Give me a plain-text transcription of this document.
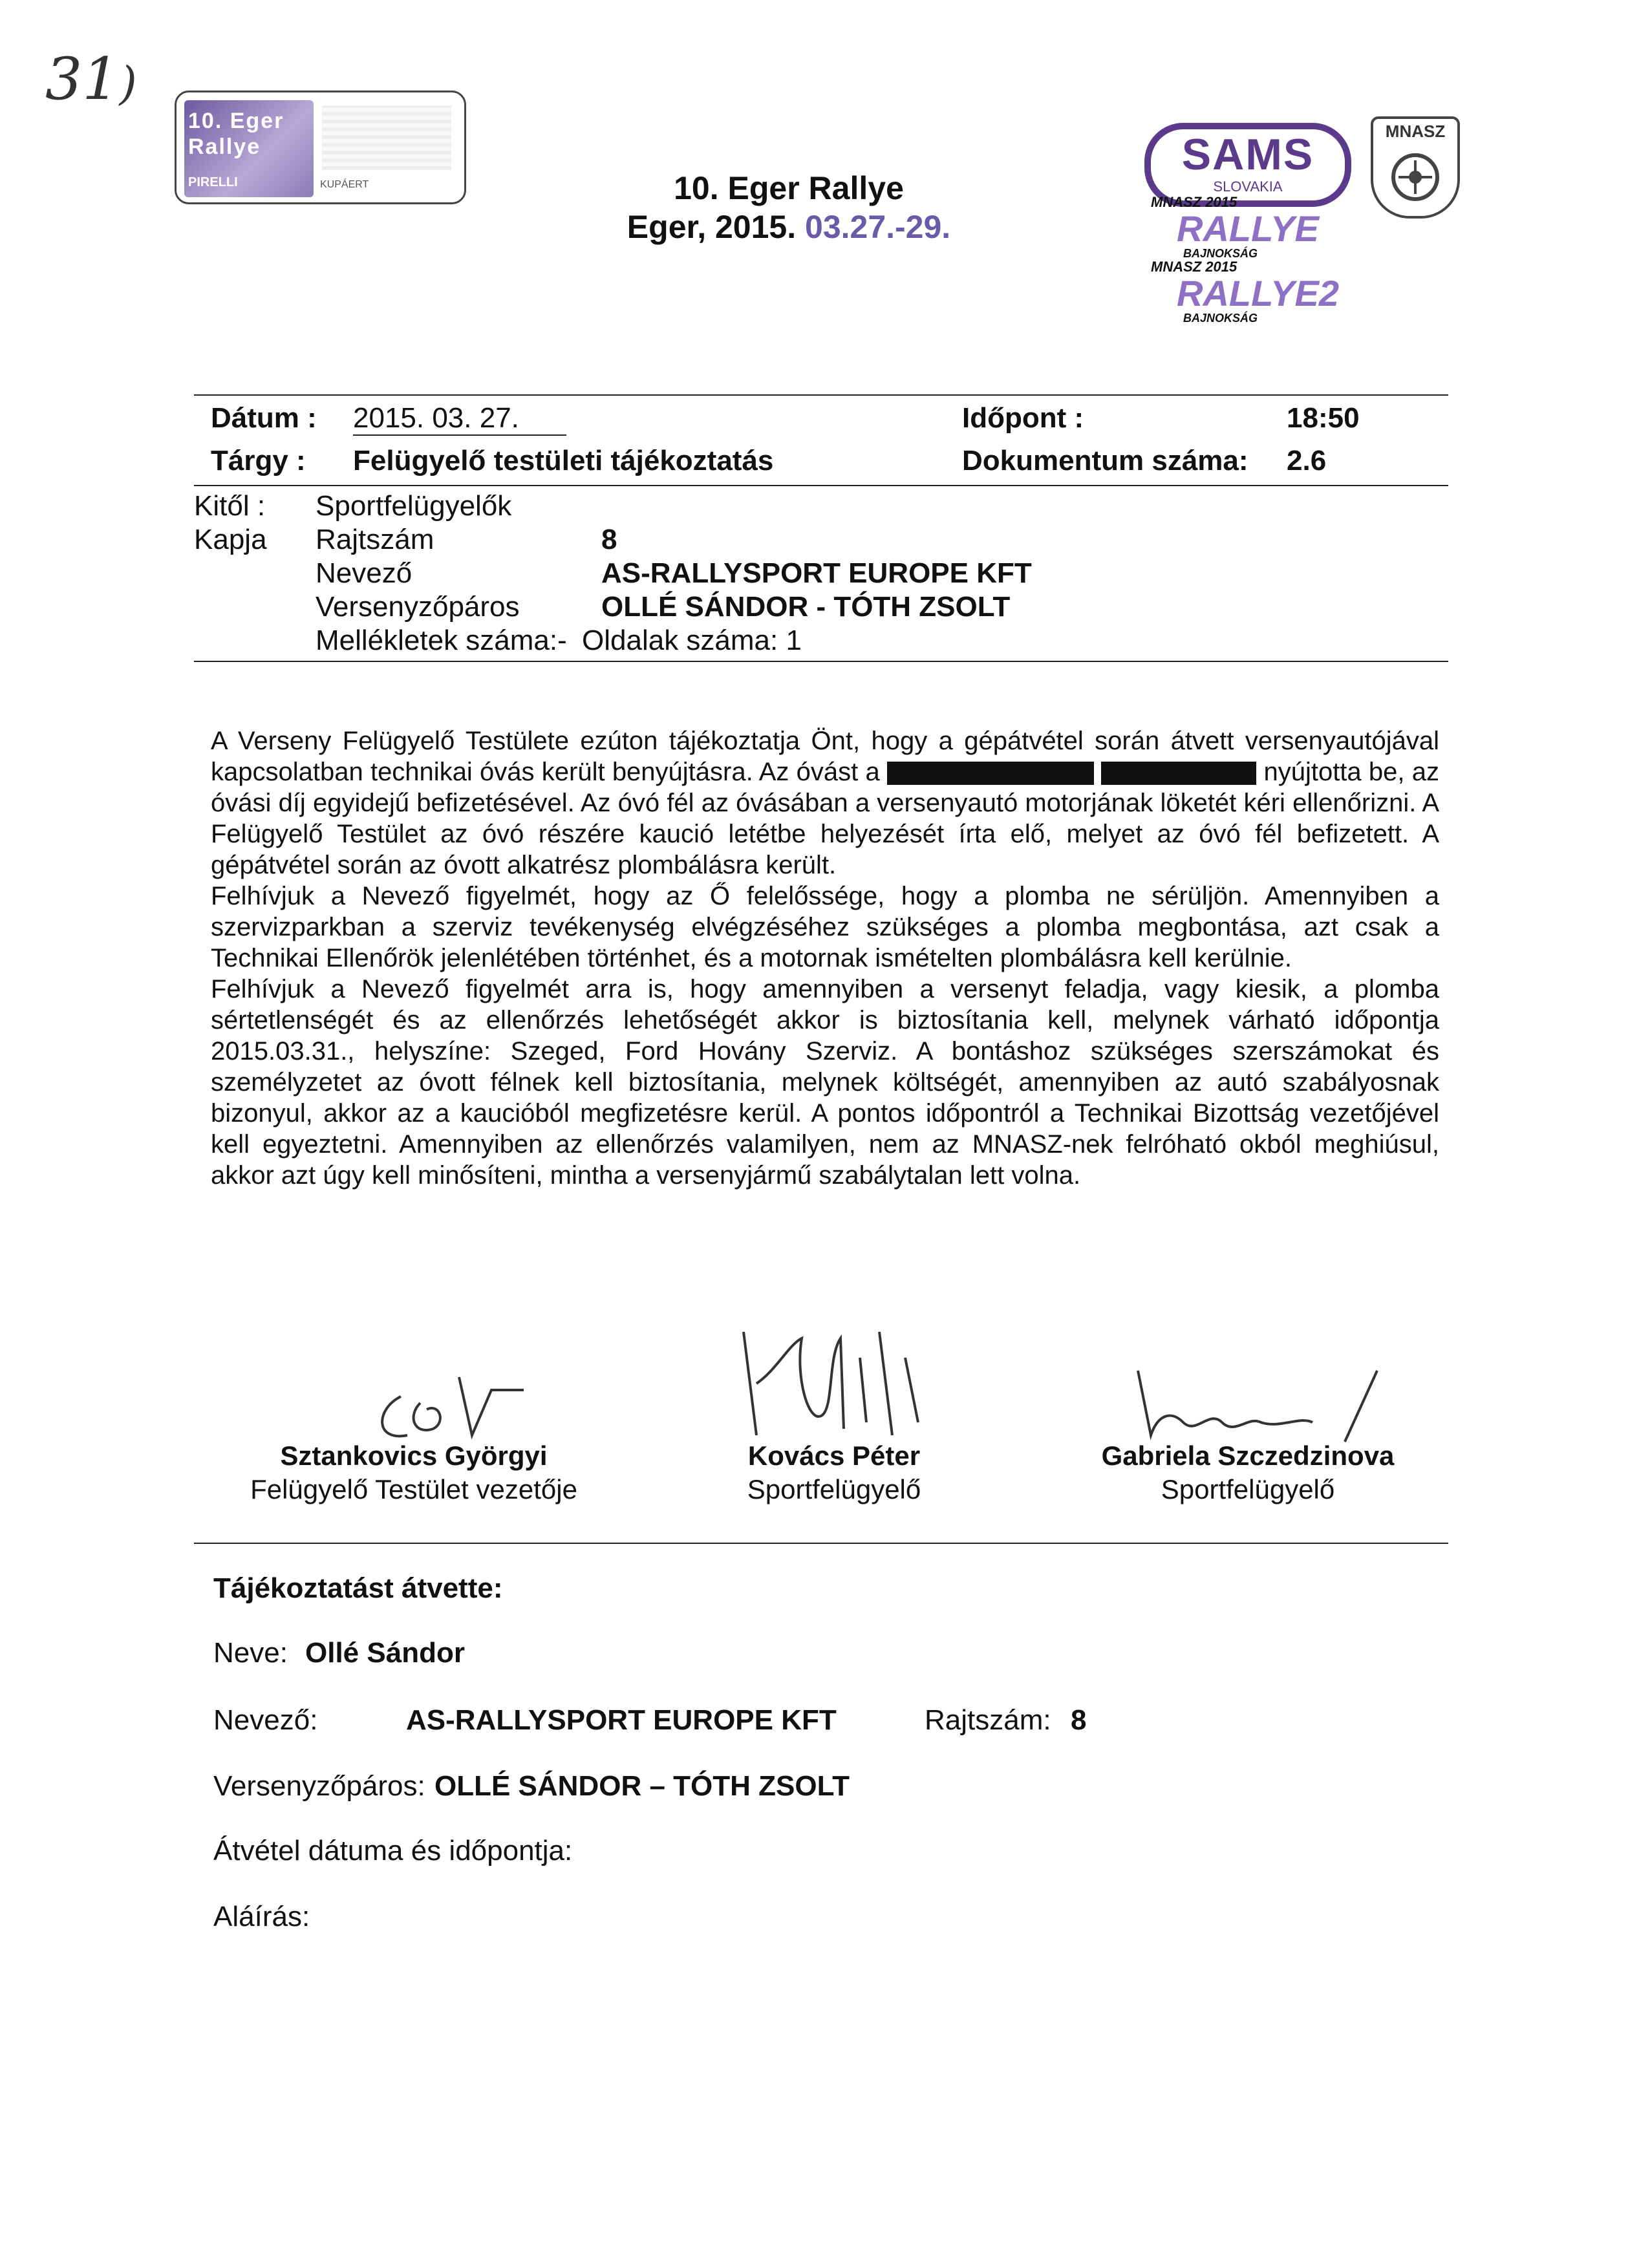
31)
10. Eger Rallye
PIRELLI	KUPÁERT	10. Eger Rallye
Eger, 2015. 03.27.-29.
SAMS
SLOVAKIA
MNASZ 2015
RALLYE
BAJNOKSÁG
MNASZ 2015
RALLYE2
BAJNOKSÁG
MNASZ
Dátum : 2015. 03. 27.	Időpont :	18:50
Tárgy : Felügyelő testületi tájékoztatás	Dokumentum száma: 2.6
Kitől : Sportfelügyelők
Kapja Rajtszám	8
Nevező	AS-RALLYSPORT EUROPE KFT
Versenyzőpáros	OLLÉ SÁNDOR - TÓTH ZSOLT
Mellékletek száma:- Oldalak száma: 1

A Verseny Felügyelő Testülete ezúton tájékoztatja Önt, hogy a gépátvétel során átvett versenyautójával kapcsolatban technikai óvás került benyújtásra. Az óvást a	nyújtotta be, az óvási díj egyidejű befizetésével. Az óvó fél az óvásában a versenyautó motorjának löketét kéri ellenőrizni. A Felügyelő Testület az óvó részére kaució letétbe helyezését írta elő, melyet az óvó fél befizetett. A gépátvétel során az óvott alkatrész plombálásra került.

Felhívjuk a Nevező figyelmét, hogy az Ő felelőssége, hogy a plomba ne sérüljön. Amennyiben a szervizparkban a szerviz tevékenység elvégzéséhez szükséges a plomba megbontása, azt csak a Technikai Ellenőrök jelenlétében történhet, és a motornak ismételten plombálásra kell kerülnie.

Felhívjuk a Nevező figyelmét arra is, hogy amennyiben a versenyt feladja, vagy kiesik, a plomba sértetlenségét és az ellenőrzés lehetőségét akkor is biztosítania kell, melynek várható időpontja 2015.03.31., helyszíne: Szeged, Ford Hovány Szerviz. A bontáshoz szükséges szerszámokat és személyzetet az óvott félnek kell biztosítania, melynek költségét, amennyiben az autó szabályosnak bizonyul, akkor az a kaucióból megfizetésre kerül. A pontos időpontról a Technikai Bizottság vezetőjével kell egyeztetni. Amennyiben az ellenőrzés valamilyen, nem az MNASZ-nek felróható okból meghiúsul, akkor azt úgy kell minősíteni, mintha a versenyjármű szabálytalan lett volna.

Sztankovics Györgyi
Felügyelő Testület vezetője
Kovács Péter
Sportfelügyelő
Gabriela Szczedzinova
Sportfelügyelő
Tájékoztatást átvette:
Neve: Ollé Sándor
Nevező:	AS-RALLYSPORT EUROPE KFT	Rajtszám: 8
Versenyzőpáros: OLLÉ SÁNDOR – TÓTH ZSOLT
Átvétel dátuma és időpontja:
Aláírás:
